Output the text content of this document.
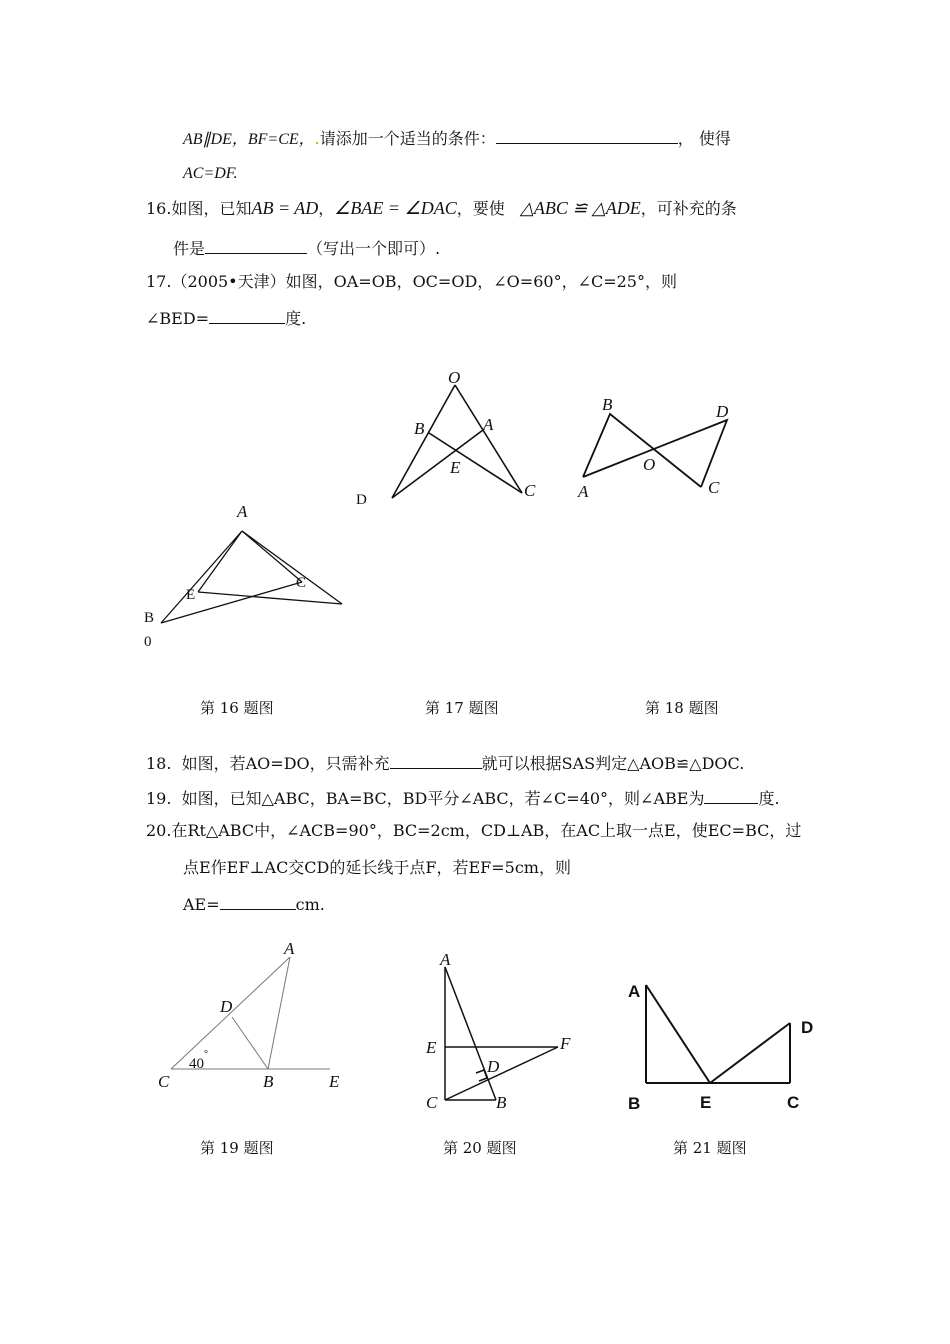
AB∥DE，BF=CE，.请添加一个适当的条件：	， 使得
AC=DF.
16.如图，已知AB = AD，∠BAE = ∠DAC，要使 △ABC ≌ △ADE，可补充的条
件是	（写出一个即可）.
17.（2005•天津）如图，OA=OB，OC=OD，∠O=60°，∠C=25°，则
∠BED=	度.
O
B	A
E
D	C
B	D
O
A	C
A
E
C
B
0
第 16 题图	第 17 题图	第 18 题图
18. 如图，若AO=DO，只需补充	就可以根据SAS判定△AOB≌△DOC.
19. 如图，已知△ABC，BA=BC，BD平分∠ABC，若∠C=40°，则∠ABE为	度.
20.在Rt△ABC中，∠ACB=90°，BC=2cm，CD⊥AB，在AC上取一点E，使EC=BC，过
点E作EF⊥AC交CD的延长线于点F，若EF=5cm，则
AE=	cm.
A
D
C	B	E
40
°
A
E	F
D
C	B
A
D
B	E	C
第 19 题图	第 20 题图	第 21 题图
